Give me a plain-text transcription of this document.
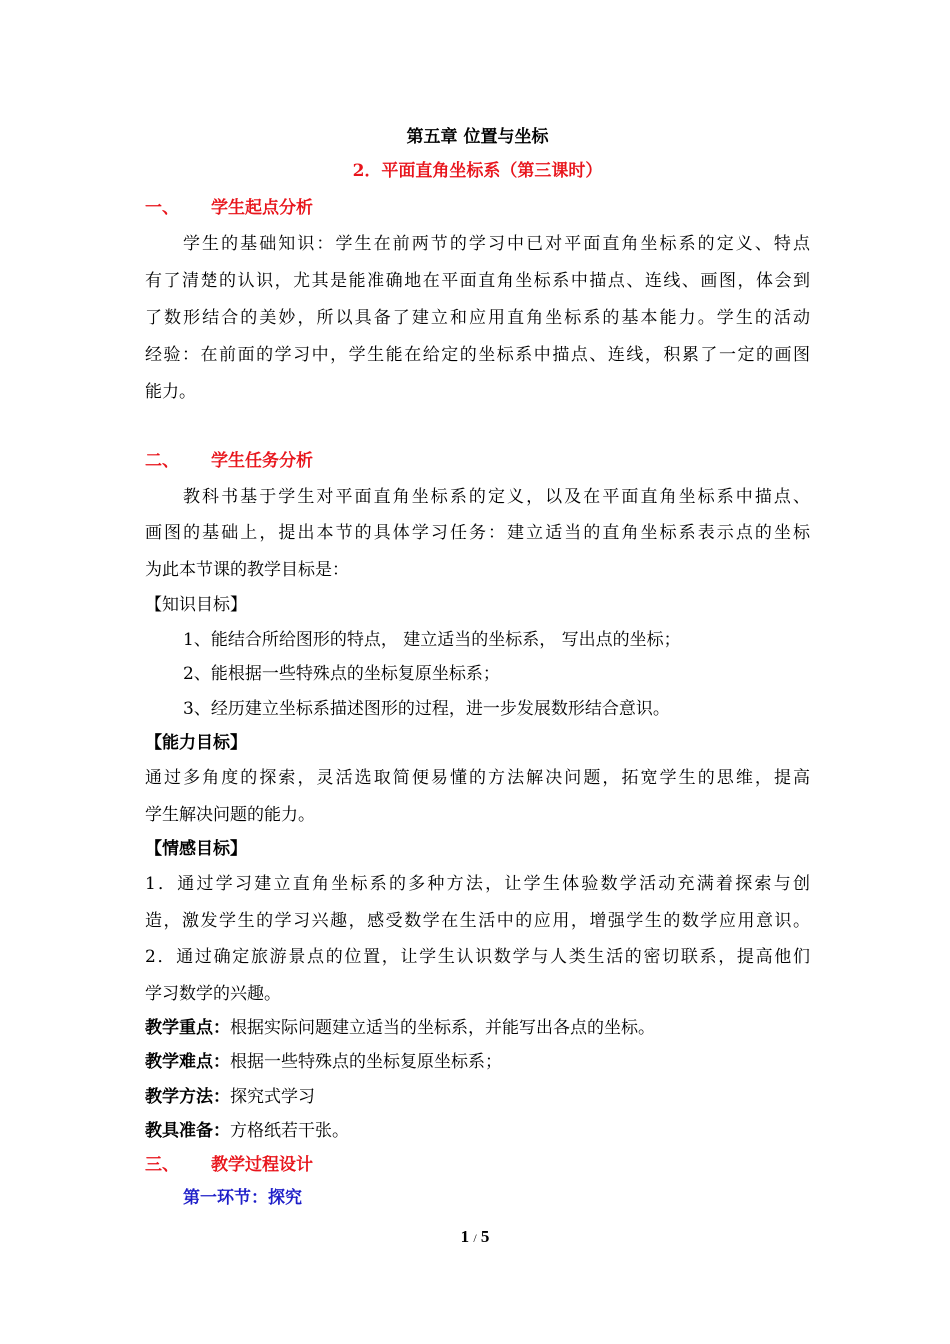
第五章 位置与坐标
2．平面直角坐标系（第三课时）
一、 学生起点分析
学生的基础知识：学生在前两节的学习中已对平面直角坐标系的定义、特点
有了清楚的认识，尤其是能准确地在平面直角坐标系中描点、连线、画图，体会到
了数形结合的美妙，所以具备了建立和应用直角坐标系的基本能力。学生的活动
经验：在前面的学习中，学生能在给定的坐标系中描点、连线，积累了一定的画图
能力。
二、 学生任务分析
教科书基于学生对平面直角坐标系的定义，以及在平面直角坐标系中描点、
画图的基础上，提出本节的具体学习任务：建立适当的直角坐标系表示点的坐标
为此本节课的教学目标是：
【知识目标】
1、能结合所给图形的特点， 建立适当的坐标系， 写出点的坐标；
2、能根据一些特殊点的坐标复原坐标系；
3、经历建立坐标系描述图形的过程，进一步发展数形结合意识。
【能力目标】
通过多角度的探索，灵活选取简便易懂的方法解决问题，拓宽学生的思维，提高
学生解决问题的能力。
【情感目标】
1．通过学习建立直角坐标系的多种方法，让学生体验数学活动充满着探索与创
造，激发学生的学习兴趣，感受数学在生活中的应用，增强学生的数学应用意识。
2．通过确定旅游景点的位置，让学生认识数学与人类生活的密切联系，提高他们
学习数学的兴趣。
教学重点：根据实际问题建立适当的坐标系，并能写出各点的坐标。
教学难点：根据一些特殊点的坐标复原坐标系；
教学方法：探究式学习
教具准备：方格纸若干张。
三、 教学过程设计
第一环节：探究
1 / 5
